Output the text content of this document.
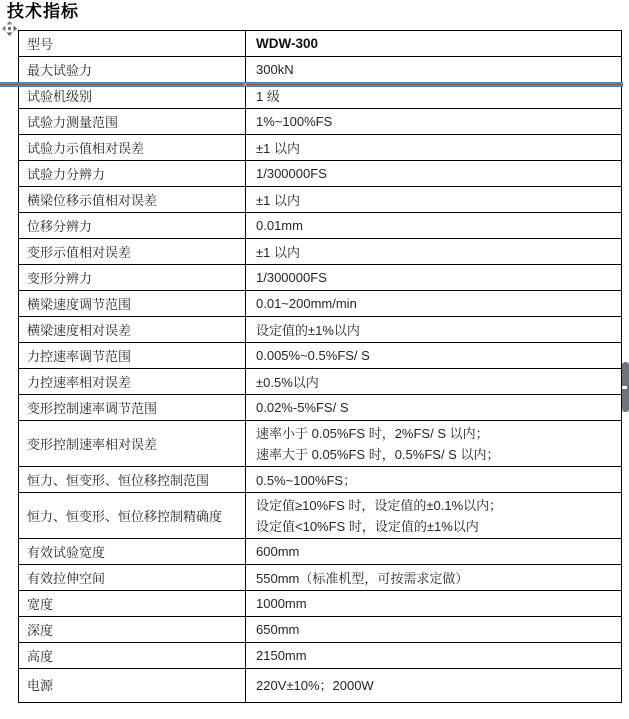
技术指标
型号	WDW-300
最大试验力	300kN
试验机级别	1 级
试验力测量范围	1%~100%FS
试验力示值相对误差	±1 以内
试验力分辨力	1/300000FS
横梁位移示值相对误差	±1 以内
位移分辨力	0.01mm
变形示值相对误差	±1 以内
变形分辨力	1/300000FS
横梁速度调节范围	0.01~200mm/min
横梁速度相对误差	设定值的±1%以内
力控速率调节范围	0.005%~0.5%FS/ S
力控速率相对误差	±0.5%以内
变形控制速率调节范围	0.02%-5%FS/ S
变形控制速率相对误差	速率小于 0.05%FS 时，2%FS/ S 以内；
速率大于 0.05%FS 时，0.5%FS/ S 以内；

恒力、恒变形、恒位移控制范围	0.5%~100%FS；
恒力、恒变形、恒位移控制精确度	设定值≥10%FS 时，设定值的±0.1%以内；
设定值<10%FS 时，设定值的±1%以内

有效试验宽度	600mm
有效拉伸空间	550mm（标准机型，可按需求定做）
宽度	1000mm
深度	650mm
高度	2150mm
电源	220V±10%；2000W
